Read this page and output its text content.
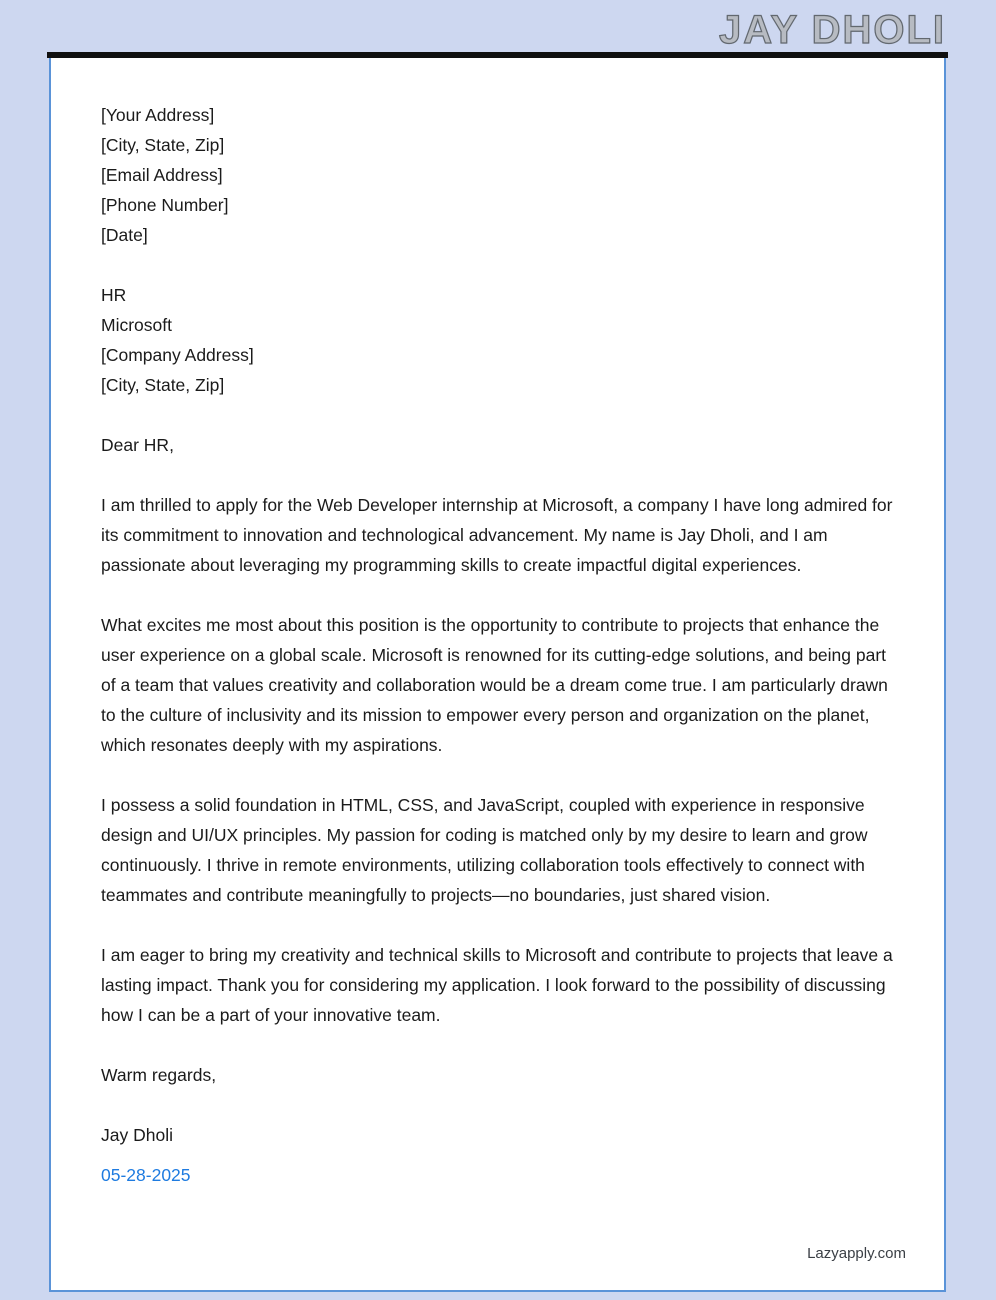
JAY DHOLI
[Your Address]
[City, State, Zip]
[Email Address]
[Phone Number]
[Date]
HR
Microsoft
[Company Address]
[City, State, Zip]

Dear HR,

I am thrilled to apply for the Web Developer internship at Microsoft, a company I have long admired for its commitment to innovation and technological advancement. My name is Jay Dholi, and I am passionate about leveraging my programming skills to create impactful digital experiences.

What excites me most about this position is the opportunity to contribute to projects that enhance the user experience on a global scale. Microsoft is renowned for its cutting-edge solutions, and being part of a team that values creativity and collaboration would be a dream come true. I am particularly drawn to the culture of inclusivity and its mission to empower every person and organization on the planet, which resonates deeply with my aspirations.

I possess a solid foundation in HTML, CSS, and JavaScript, coupled with experience in responsive design and UI/UX principles. My passion for coding is matched only by my desire to learn and grow continuously. I thrive in remote environments, utilizing collaboration tools effectively to connect with teammates and contribute meaningfully to projects—no boundaries, just shared vision.

I am eager to bring my creativity and technical skills to Microsoft and contribute to projects that leave a lasting impact. Thank you for considering my application. I look forward to the possibility of discussing how I can be a part of your innovative team.

Warm regards,

Jay Dholi

05-28-2025

Lazyapply.com
